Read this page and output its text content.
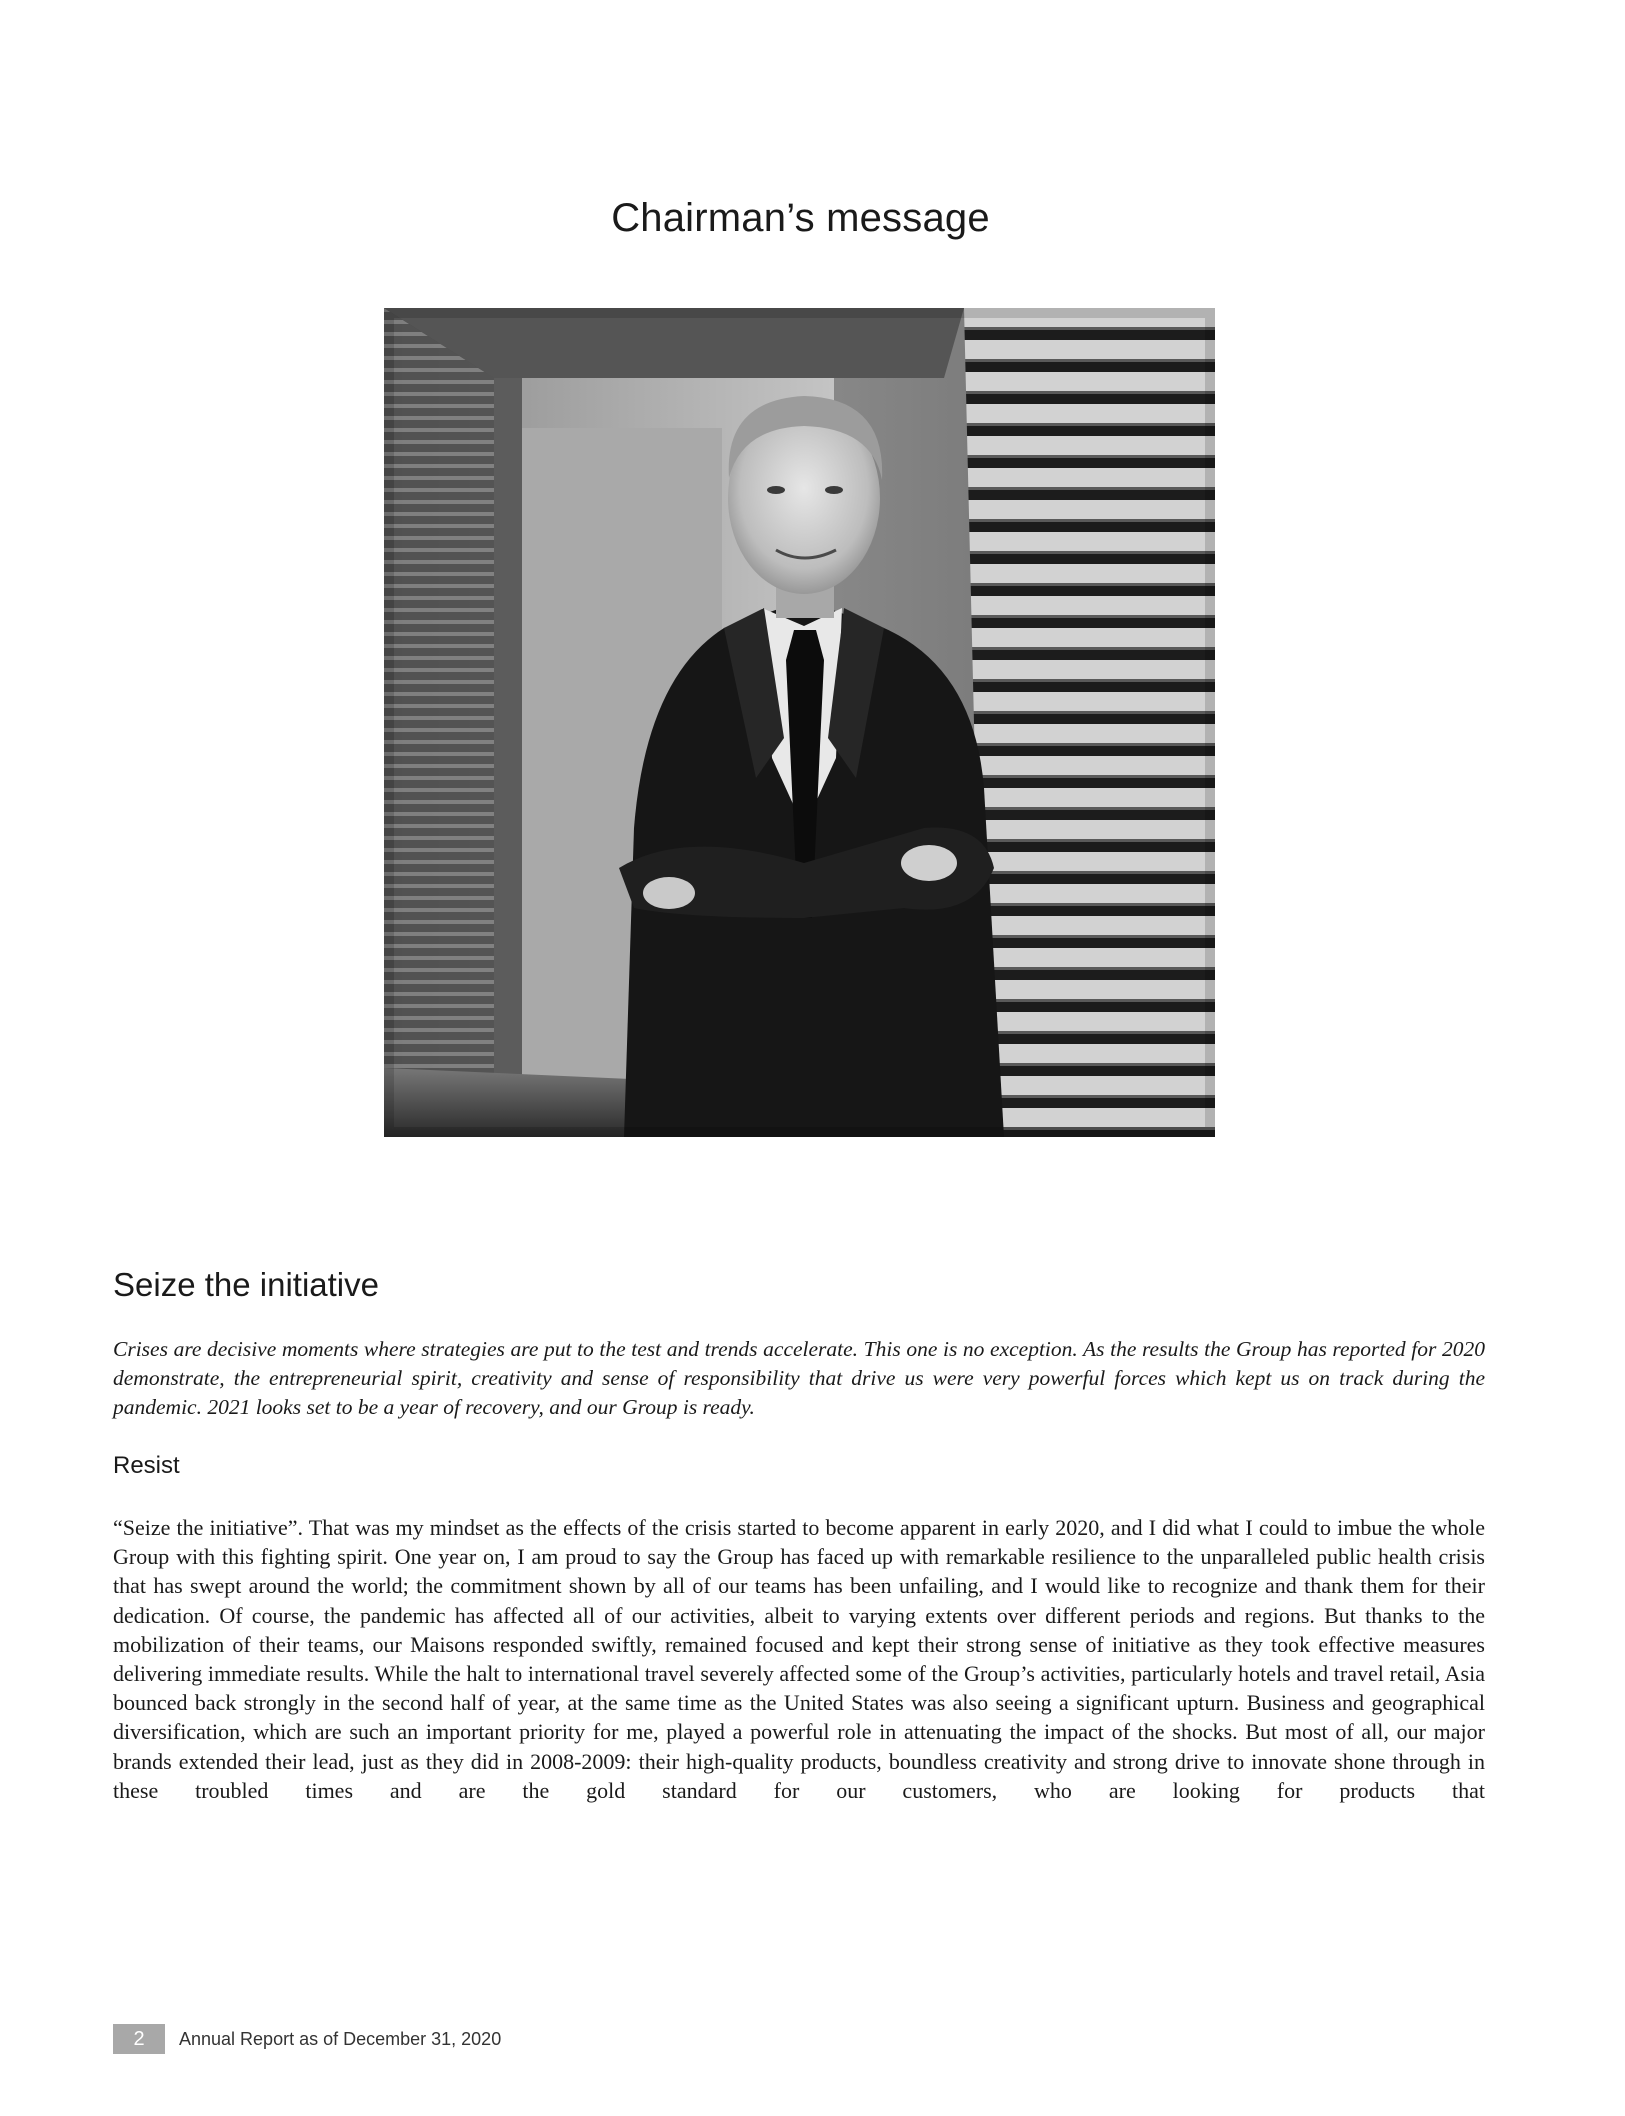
Chairman’s message
Seize the initiative

Crises are decisive moments where strategies are put to the test and trends accelerate. This one is no exception. As the results the Group has reported for 2020 demonstrate, the entrepreneurial spirit, creativity and sense of responsibility that drive us were very powerful forces which kept us on track during the pandemic. 2021 looks set to be a year of recovery, and our Group is ready.

Resist

“Seize the initiative”. That was my mindset as the effects of the crisis started to become apparent in early 2020, and I did what I could to imbue the whole Group with this fighting spirit. One year on, I am proud to say the Group has faced up with remarkable resilience to the unparalleled public health crisis that has swept around the world; the commitment shown by all of our teams has been unfailing, and I would like to recognize and thank them for their dedication. Of course, the pandemic has affected all of our activities, albeit to varying extents over different periods and regions. But thanks to the mobilization of their teams, our Maisons responded swiftly, remained focused and kept their strong sense of initiative as they took effective measures delivering immediate results. While the halt to international travel severely affected some of the Group’s activities, particularly hotels and travel retail, Asia bounced back strongly in the second half of year, at the same time as the United States was also seeing a significant upturn. Business and geographical diversification, which are such an important priority for me, played a powerful role in attenuating the impact of the shocks. But most of all, our major brands extended their lead, just as they did in 2008-2009: their high-quality products, boundless creativity and strong drive to innovate shone through in these troubled times and are the gold standard for our customers, who are looking for products that

2	Annual Report as of December 31, 2020
